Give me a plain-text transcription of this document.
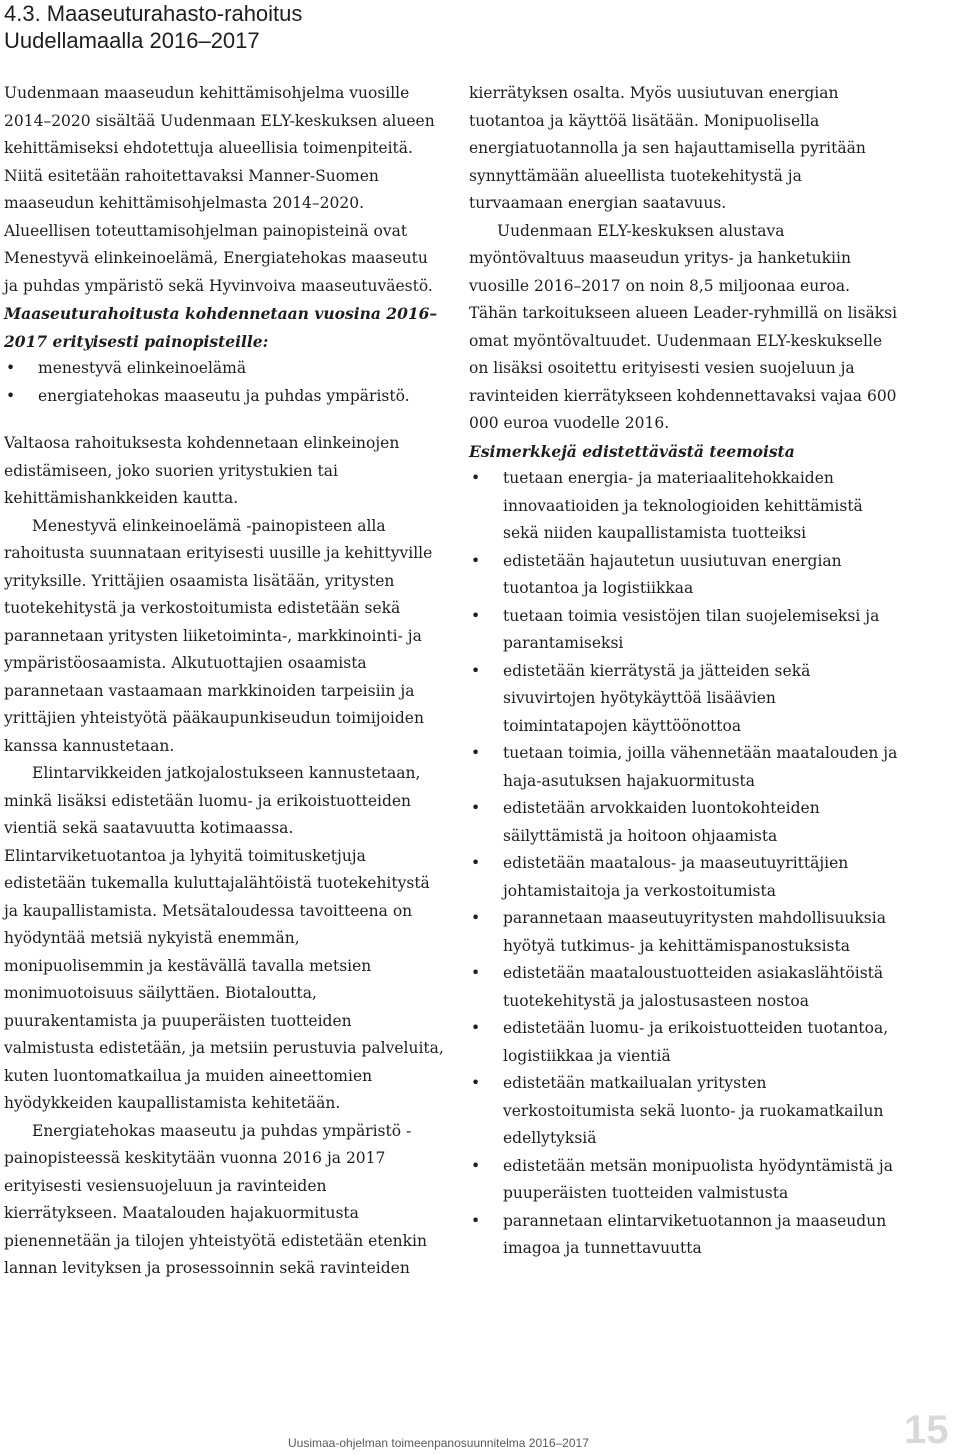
4.3. Maaseuturahasto-rahoitus
Uudellamaalla 2016–2017

Uudenmaan maaseudun kehittämisohjelma vuosille 2014–2020 sisältää Uudenmaan ELY-keskuksen alueen kehittämiseksi ehdotettuja alueellisia toimenpiteitä. Niitä esitetään rahoitettavaksi Manner-Suomen maaseudun kehittämisohjelmasta 2014–2020. Alueellisen toteuttamisohjelman painopisteinä ovat Menestyvä elinkeinoelämä, Energiatehokas maaseutu ja puhdas ympäristö sekä Hyvinvoiva maaseutuväestö.

Maaseuturahoitusta kohdennetaan vuosina 2016–2017 erityisesti painopisteille:

• menestyvä elinkeinoelämä
• energiatehokas maaseutu ja puhdas ympäristö.

Valtaosa rahoituksesta kohdennetaan elinkeinojen edistämiseen, joko suorien yritystukien tai kehittämishankkeiden kautta.

Menestyvä elinkeinoelämä -painopisteen alla rahoitusta suunnataan erityisesti uusille ja kehittyville yrityksille. Yrittäjien osaamista lisätään, yritysten tuotekehitystä ja verkostoitumista edistetään sekä parannetaan yritysten liiketoiminta-, markkinointi- ja ympäristöosaamista. Alkutuottajien osaamista parannetaan vastaamaan markkinoiden tarpeisiin ja yrittäjien yhteistyötä pääkaupunkiseudun toimijoiden kanssa kannustetaan.

Elintarvikkeiden jatkojalostukseen kannustetaan, minkä lisäksi edistetään luomu- ja erikoistuotteiden vientiä sekä saatavuutta kotimaassa. Elintarviketuotantoa ja lyhyitä toimitusketjuja edistetään tukemalla kuluttajalähtöistä tuotekehitystä ja kaupallistamista. Metsätaloudessa tavoitteena on hyödyntää metsiä nykyistä enemmän, monipuolisemmin ja kestävällä tavalla metsien monimuotoisuus säilyttäen. Biotaloutta, puurakentamista ja puuperäisten tuotteiden valmistusta edistetään, ja metsiin perustuvia palveluita, kuten luontomatkailua ja muiden aineettomien hyödykkeiden kaupallistamista kehitetään.

Energiatehokas maaseutu ja puhdas ympäristö -painopisteessä keskitytään vuonna 2016 ja 2017 erityisesti vesiensuojeluun ja ravinteiden kierrätykseen. Maatalouden hajakuormitusta pienennetään ja tilojen yhteistyötä edistetään etenkin lannan levityksen ja prosessoinnin sekä ravinteiden

kierrätyksen osalta. Myös uusiutuvan energian tuotantoa ja käyttöä lisätään. Monipuolisella energiatuotannolla ja sen hajauttamisella pyritään synnyttämään alueellista tuotekehitystä ja turvaamaan energian saatavuus.

Uudenmaan ELY-keskuksen alustava myöntövaltuus maaseudun yritys- ja hanketukiin vuosille 2016–2017 on noin 8,5 miljoonaa euroa. Tähän tarkoitukseen alueen Leader-ryhmillä on lisäksi omat myöntövaltuudet. Uudenmaan ELY-keskukselle on lisäksi osoitettu erityisesti vesien suojeluun ja ravinteiden kierrätykseen kohdennettavaksi vajaa 600 000 euroa vuodelle 2016.

Esimerkkejä edistettävästä teemoista

• tuetaan energia- ja materiaalitehokkaiden innovaatioiden ja teknologioiden kehittämistä sekä niiden kaupallistamista tuotteiksi
• edistetään hajautetun uusiutuvan energian tuotantoa ja logistiikkaa
• tuetaan toimia vesistöjen tilan suojelemiseksi ja parantamiseksi
• edistetään kierrätystä ja jätteiden sekä sivuvirtojen hyötykäyttöä lisäävien toimintatapojen käyttöönottoa
• tuetaan toimia, joilla vähennetään maatalouden ja haja-asutuksen hajakuormitusta
• edistetään arvokkaiden luontokohteiden säilyttämistä ja hoitoon ohjaamista
• edistetään maatalous- ja maaseutuyrittäjien johtamistaitoja ja verkostoitumista
• parannetaan maaseutuyritysten mahdollisuuksia hyötyä tutkimus- ja kehittämispanostuksista
• edistetään maataloustuotteiden asiakaslähtöistä tuotekehitystä ja jalostusasteen nostoa
• edistetään luomu- ja erikoistuotteiden tuotantoa, logistiikkaa ja vientiä
• edistetään matkailualan yritysten verkostoitumista sekä luonto- ja ruokamatkailun edellytyksiä
• edistetään metsän monipuolista hyödyntämistä ja puuperäisten tuotteiden valmistusta
• parannetaan elintarviketuotannon ja maaseudun imagoa ja tunnettavuutta
Uusimaa-ohjelman toimeenpanosuunnitelma 2016–2017	15
